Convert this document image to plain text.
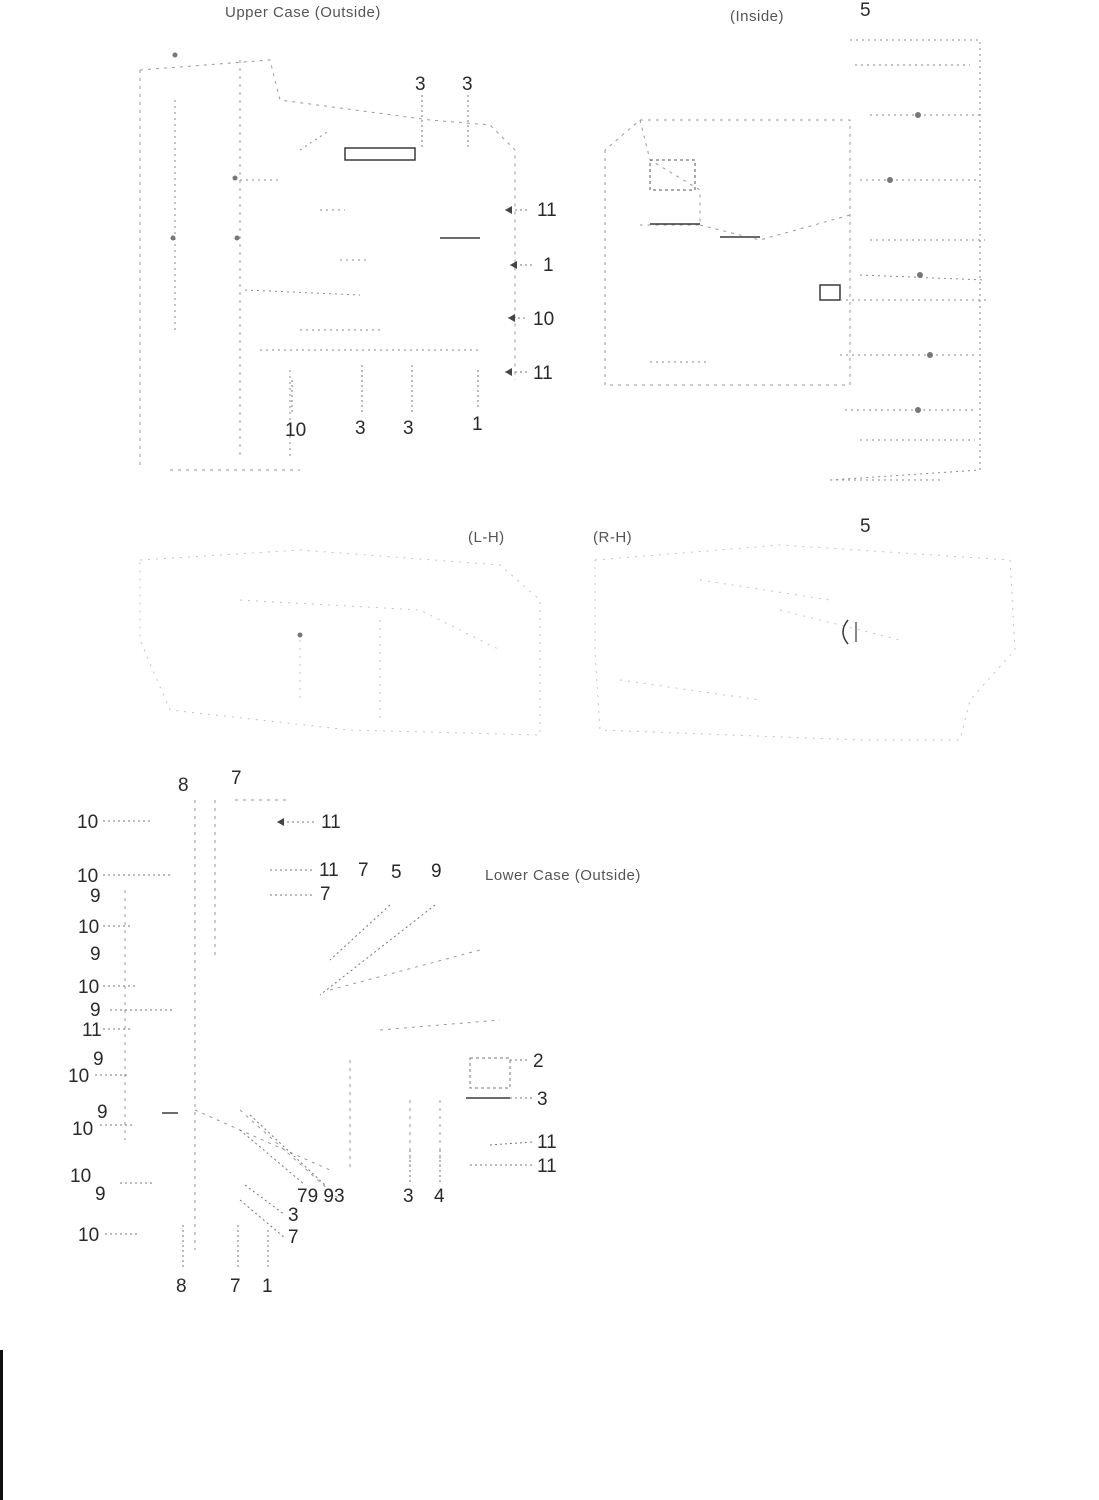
Upper Case (Outside)
3 3
11
1
10
11
10	3 3	1
(Inside)	5
(L-H)	(R-H)
5
Lower Case (Outside)
8 7
11
11 7 5 9
7
10
10
9
10
9
10
9
11
9
10
9
10
10
9
10
2
3
11
11
79 93	3 4
3
7
8 7 1
